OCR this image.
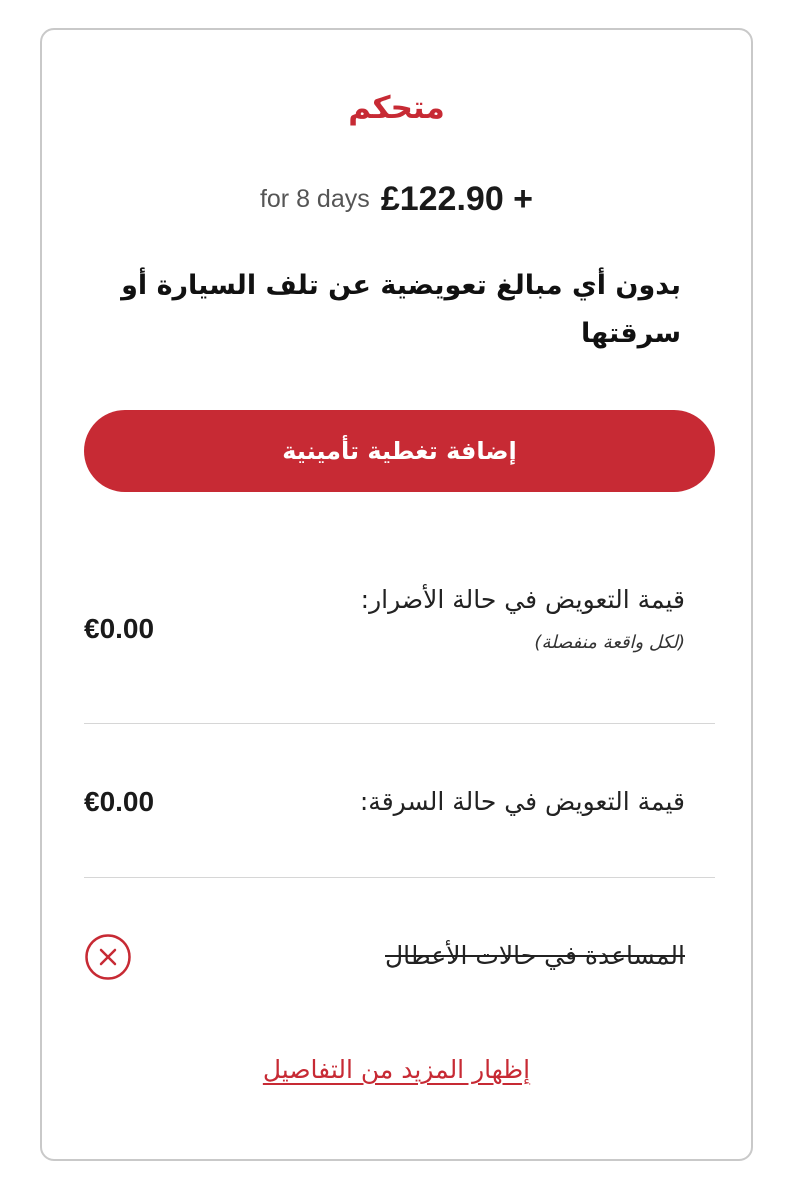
متحكم
for 8 days £122.90 +
بدون أي مبالغ تعويضية عن تلف السيارة أو سرقتها
إضافة تغطية تأمينية
قيمة التعويض في حالة الأضرار:
(لكل واقعة منفصلة)
€0.00
قيمة التعويض في حالة السرقة:
€0.00
المساعدة في حالات الأعطال
إظهار المزيد من التفاصيل
